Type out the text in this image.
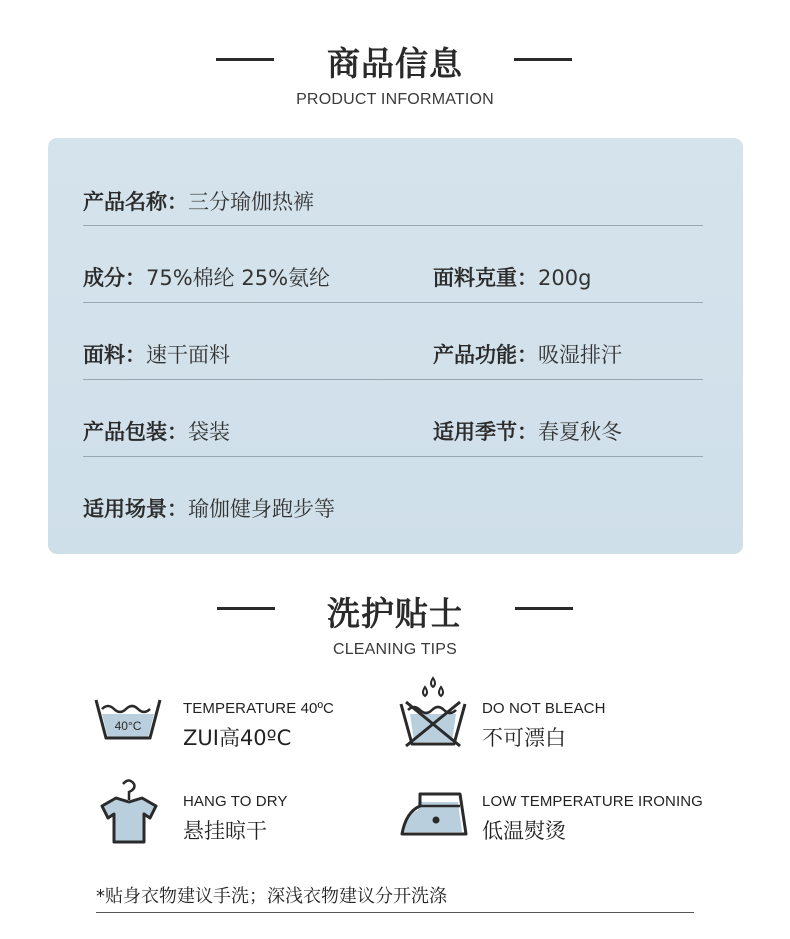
商品信息
PRODUCT INFORMATION
产品名称：三分瑜伽热裤
成分：75%棉纶 25%氨纶	面料克重：200g
面料：速干面料	产品功能：吸湿排汗
产品包装：袋装	适用季节：春夏秋冬
适用场景：瑜伽健身跑步等
洗护贴士
CLEANING TIPS
40°C
TEMPERATURE 40ºC
ZUI高40ºC
DO NOT BLEACH
不可漂白
HANG TO DRY
悬挂晾干
LOW TEMPERATURE IRONING
低温熨烫
*贴身衣物建议手洗；深浅衣物建议分开洗涤
